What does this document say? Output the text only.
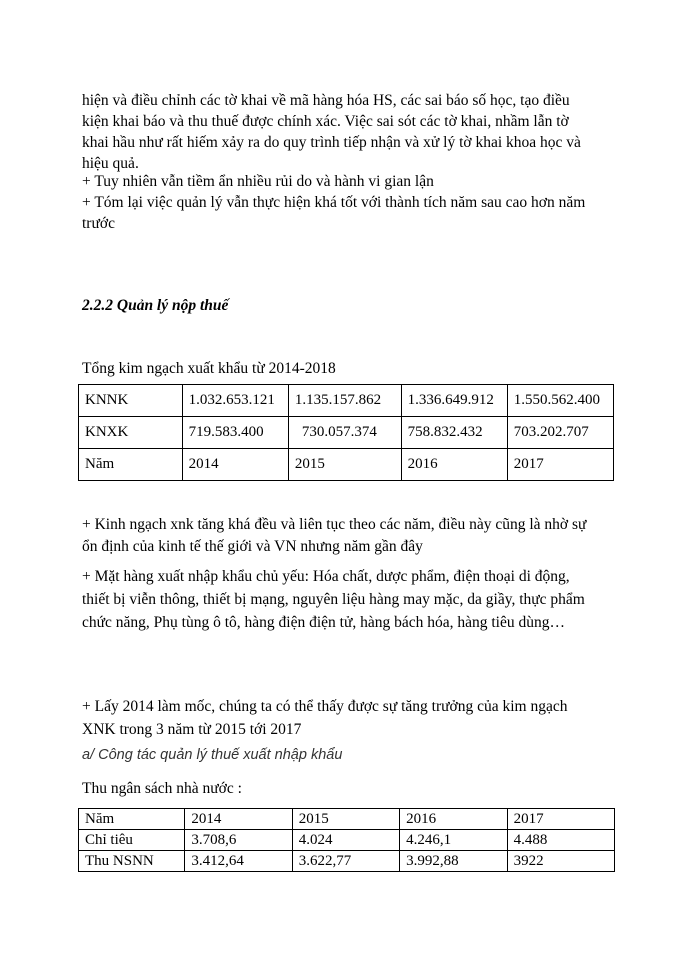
hiện và điều chỉnh các tờ khai về mã hàng hóa HS, các sai báo số học, tạo điều

kiện khai báo và thu thuế được chính xác. Việc sai sót các tờ khai, nhầm lẫn tờ

khai hầu như rất hiếm xảy ra do quy trình tiếp nhận và xử lý tờ khai khoa học và

hiệu quả.

+ Tuy nhiên vẫn tiềm ẩn nhiều rủi do và hành vi gian lận

+ Tóm lại việc quản lý vẫn thực hiện khá tốt với thành tích năm sau cao hơn năm

trước

2.2.2 Quản lý nộp thuế

Tổng kim ngạch xuất khẩu từ 2014-2018

KNNK	1.032.653.121	1.135.157.862	1.336.649.912	1.550.562.400
KNXK	719.583.400	730.057.374	758.832.432	703.202.707
Năm	2014	2015	2016	2017

+ Kinh ngạch xnk tăng khá đều và liên tục theo các năm, điều này cũng là nhờ sự

ổn định của kinh tế thế giới và VN nhưng năm gần đây

+ Mặt hàng xuất nhập khẩu chủ yếu: Hóa chất, dược phẩm, điện thoại di động,

thiết bị viễn thông, thiết bị mạng, nguyên liệu hàng may mặc, da giầy, thực phẩm

chức năng, Phụ tùng ô tô, hàng điện điện tử, hàng bách hóa, hàng tiêu dùng…

+ Lấy 2014 làm mốc, chúng ta có thể thấy được sự tăng trưởng của kim ngạch

XNK trong 3 năm từ 2015 tới 2017

a/ Công tác quản lý thuế xuất nhập khẩu

Thu ngân sách nhà nước :

Năm	2014	2015	2016	2017
Chỉ tiêu	3.708,6	4.024	4.246,1	4.488
Thu NSNN	3.412,64	3.622,77	3.992,88	3922
